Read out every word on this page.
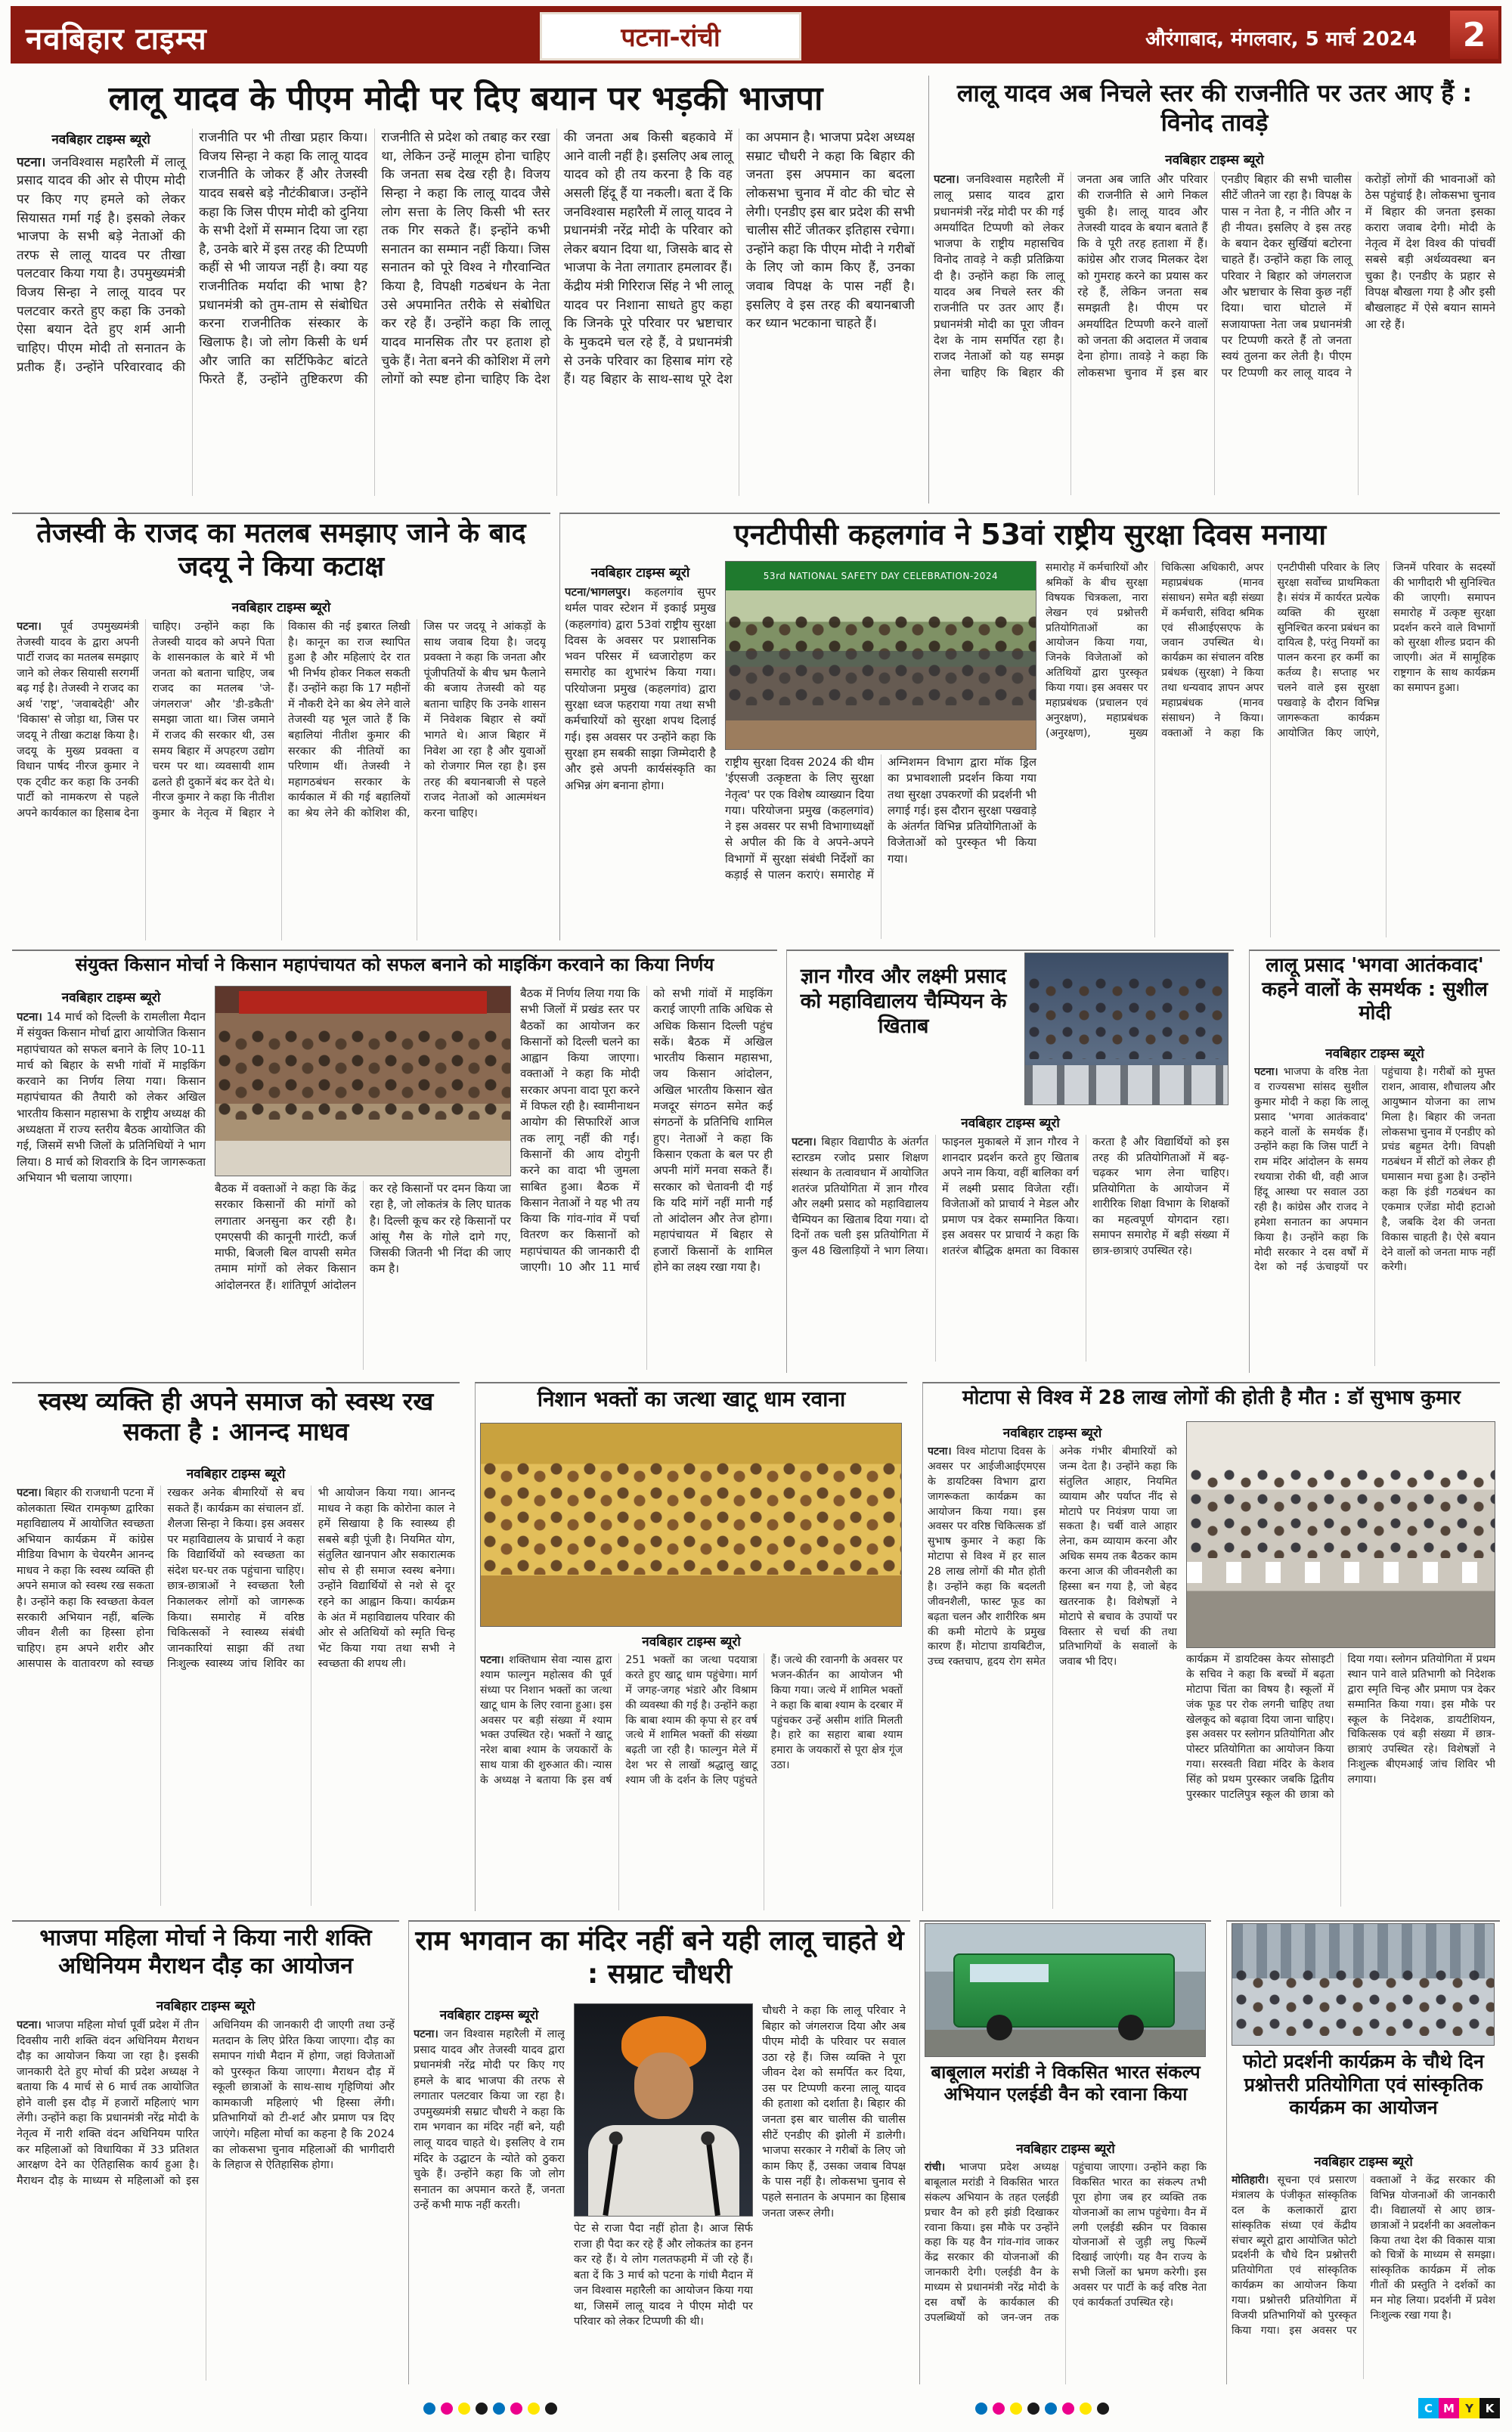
नवबिहार टाइम्स	पटना-रांची	औरंगाबाद, मंगलवार, 5 मार्च 2024	2
लालू यादव के पीएम मोदी पर दिए बयान पर भड़की भाजपा
नवबिहार टाइम्स ब्यूरो

पटना। जनविश्वास महारैली में लालू प्रसाद यादव की ओर से पीएम मोदी पर किए गए हमले को लेकर सियासत गर्मा गई है। इसको लेकर भाजपा के सभी बड़े नेताओं की तरफ से लालू यादव पर तीखा पलटवार किया गया है। उपमुख्यमंत्री विजय सिन्हा ने लालू यादव पर पलटवार करते हुए कहा कि उनको ऐसा बयान देते हुए शर्म आनी चाहिए। पीएम मोदी तो सनातन के प्रतीक हैं। उन्होंने परिवारवाद की राजनीति पर भी तीखा प्रहार किया। विजय सिन्हा ने कहा कि लालू यादव राजनीति के जोकर हैं और तेजस्वी यादव सबसे बड़े नौटंकीबाज। उन्होंने कहा कि जिस पीएम मोदी को दुनिया के सभी देशों में सम्मान दिया जा रहा है, उनके बारे में इस तरह की टिप्पणी कहीं से भी जायज नहीं है। क्या यह राजनीतिक मर्यादा की भाषा है? प्रधानमंत्री को तुम-ताम से संबोधित करना राजनीतिक संस्कार के खिलाफ है। जो लोग किसी के धर्म और जाति का सर्टिफिकेट बांटते फिरते हैं, उन्होंने तुष्टिकरण की राजनीति से प्रदेश को तबाह कर रखा था, लेकिन उन्हें मालूम होना चाहिए कि जनता सब देख रही है। विजय सिन्हा ने कहा कि लालू यादव जैसे लोग सत्ता के लिए किसी भी स्तर तक गिर सकते हैं। इन्होंने कभी सनातन का सम्मान नहीं किया। जिस सनातन को पूरे विश्व ने गौरवान्वित किया है, विपक्षी गठबंधन के नेता उसे अपमानित तरीके से संबोधित कर रहे हैं। उन्होंने कहा कि लालू यादव मानसिक तौर पर हताश हो चुके हैं। नेता बनने की कोशिश में लगे लोगों को स्पष्ट होना चाहिए कि देश की जनता अब किसी बहकावे में आने वाली नहीं है। इसलिए अब लालू यादव को ही तय करना है कि वह असली हिंदू हैं या नकली। बता दें कि जनविश्वास महारैली में लालू यादव ने प्रधानमंत्री नरेंद्र मोदी के परिवार को लेकर बयान दिया था, जिसके बाद से भाजपा के नेता लगातार हमलावर हैं। केंद्रीय मंत्री गिरिराज सिंह ने भी लालू यादव पर निशाना साधते हुए कहा कि जिनके पूरे परिवार पर भ्रष्टाचार के मुकदमे चल रहे हैं, वे प्रधानमंत्री से उनके परिवार का हिसाब मांग रहे हैं। यह बिहार के साथ-साथ पूरे देश का अपमान है। भाजपा प्रदेश अध्यक्ष सम्राट चौधरी ने कहा कि बिहार की जनता इस अपमान का बदला लोकसभा चुनाव में वोट की चोट से लेगी। एनडीए इस बार प्रदेश की सभी चालीस सीटें जीतकर इतिहास रचेगा। उन्होंने कहा कि पीएम मोदी ने गरीबों के लिए जो काम किए हैं, उनका जवाब विपक्ष के पास नहीं है। इसलिए वे इस तरह की बयानबाजी कर ध्यान भटकाना चाहते हैं।

लालू यादव अब निचले स्तर की राजनीति पर उतर आए हैं : विनोद तावड़े
नवबिहार टाइम्स ब्यूरो

पटना। जनविश्वास महारैली में लालू प्रसाद यादव द्वारा प्रधानमंत्री नरेंद्र मोदी पर की गई अमर्यादित टिप्पणी को लेकर भाजपा के राष्ट्रीय महासचिव विनोद तावड़े ने कड़ी प्रतिक्रिया दी है। उन्होंने कहा कि लालू यादव अब निचले स्तर की राजनीति पर उतर आए हैं। प्रधानमंत्री मोदी का पूरा जीवन देश के नाम समर्पित रहा है। राजद नेताओं को यह समझ लेना चाहिए कि बिहार की जनता अब जाति और परिवार की राजनीति से आगे निकल चुकी है। लालू यादव और तेजस्वी यादव के बयान बताते हैं कि वे पूरी तरह हताशा में हैं। कांग्रेस और राजद मिलकर देश को गुमराह करने का प्रयास कर रहे हैं, लेकिन जनता सब समझती है। पीएम पर अमर्यादित टिप्पणी करने वालों को जनता की अदालत में जवाब देना होगा। तावड़े ने कहा कि लोकसभा चुनाव में इस बार एनडीए बिहार की सभी चालीस सीटें जीतने जा रहा है। विपक्ष के पास न नेता है, न नीति और न ही नीयत। इसलिए वे इस तरह के बयान देकर सुर्खियां बटोरना चाहते हैं। उन्होंने कहा कि लालू परिवार ने बिहार को जंगलराज और भ्रष्टाचार के सिवा कुछ नहीं दिया। चारा घोटाले में सजायाफ्ता नेता जब प्रधानमंत्री पर टिप्पणी करते हैं तो जनता स्वयं तुलना कर लेती है। पीएम पर टिप्पणी कर लालू यादव ने करोड़ों लोगों की भावनाओं को ठेस पहुंचाई है। लोकसभा चुनाव में बिहार की जनता इसका करारा जवाब देगी। मोदी के नेतृत्व में देश विश्व की पांचवीं सबसे बड़ी अर्थव्यवस्था बन चुका है। एनडीए के प्रहार से विपक्ष बौखला गया है और इसी बौखलाहट में ऐसे बयान सामने आ रहे हैं।

तेजस्वी के राजद का मतलब समझाए जाने के बाद जदयू ने किया कटाक्ष
नवबिहार टाइम्स ब्यूरो

पटना। पूर्व उपमुख्यमंत्री तेजस्वी यादव के द्वारा अपनी पार्टी राजद का मतलब समझाए जाने को लेकर सियासी सरगर्मी बढ़ गई है। तेजस्वी ने राजद का अर्थ 'राष्ट्र', 'जवाबदेही' और 'विकास' से जोड़ा था, जिस पर जदयू ने तीखा कटाक्ष किया है। जदयू के मुख्य प्रवक्ता व विधान पार्षद नीरज कुमार ने एक ट्वीट कर कहा कि उनकी पार्टी को नामकरण से पहले अपने कार्यकाल का हिसाब देना चाहिए। उन्होंने कहा कि तेजस्वी यादव को अपने पिता के शासनकाल के बारे में भी जनता को बताना चाहिए, जब राजद का मतलब 'जे-जंगलराज' और 'डी-डकैती' समझा जाता था। जिस जमाने में राजद की सरकार थी, उस समय बिहार में अपहरण उद्योग चरम पर था। व्यवसायी शाम ढलते ही दुकानें बंद कर देते थे। नीरज कुमार ने कहा कि नीतीश कुमार के नेतृत्व में बिहार ने विकास की नई इबारत लिखी है। कानून का राज स्थापित हुआ है और महिलाएं देर रात भी निर्भय होकर निकल सकती हैं। उन्होंने कहा कि 17 महीनों में नौकरी देने का श्रेय लेने वाले तेजस्वी यह भूल जाते हैं कि बहालियां नीतीश कुमार की सरकार की नीतियों का परिणाम थीं। तेजस्वी ने महागठबंधन सरकार के कार्यकाल में की गई बहालियों का श्रेय लेने की कोशिश की, जिस पर जदयू ने आंकड़ों के साथ जवाब दिया है। जदयू प्रवक्ता ने कहा कि जनता और पूंजीपतियों के बीच भ्रम फैलाने की बजाय तेजस्वी को यह बताना चाहिए कि उनके शासन में निवेशक बिहार से क्यों भागते थे। आज बिहार में निवेश आ रहा है और युवाओं को रोजगार मिल रहा है। इस तरह की बयानबाजी से पहले राजद नेताओं को आत्ममंथन करना चाहिए।

एनटीपीसी कहलगांव ने 53वां राष्ट्रीय सुरक्षा दिवस मनाया
नवबिहार टाइम्स ब्यूरो

पटना/भागलपुर। कहलगांव सुपर थर्मल पावर स्टेशन में इकाई प्रमुख (कहलगांव) द्वारा 53वां राष्ट्रीय सुरक्षा दिवस के अवसर पर प्रशासनिक भवन परिसर में ध्वजारोहण कर समारोह का शुभारंभ किया गया। परियोजना प्रमुख (कहलगांव) द्वारा सुरक्षा ध्वज फहराया गया तथा सभी कर्मचारियों को सुरक्षा शपथ दिलाई गई। इस अवसर पर उन्होंने कहा कि सुरक्षा हम सबकी साझा जिम्मेदारी है और इसे अपनी कार्यसंस्कृति का अभिन्न अंग बनाना होगा।

53rd NATIONAL SAFETY DAY CELEBRATION-2024

राष्ट्रीय सुरक्षा दिवस 2024 की थीम 'ईएसजी उत्कृष्टता के लिए सुरक्षा नेतृत्व' पर एक विशेष व्याख्यान दिया गया। परियोजना प्रमुख (कहलगांव) ने इस अवसर पर सभी विभागाध्यक्षों से अपील की कि वे अपने-अपने विभागों में सुरक्षा संबंधी निर्देशों का कड़ाई से पालन कराएं। समारोह में अग्निशमन विभाग द्वारा मॉक ड्रिल का प्रभावशाली प्रदर्शन किया गया तथा सुरक्षा उपकरणों की प्रदर्शनी भी लगाई गई। इस दौरान सुरक्षा पखवाड़े के अंतर्गत विभिन्न प्रतियोगिताओं के विजेताओं को पुरस्कृत भी किया गया।

समारोह में कर्मचारियों और श्रमिकों के बीच सुरक्षा विषयक चित्रकला, नारा लेखन एवं प्रश्नोत्तरी प्रतियोगिताओं का आयोजन किया गया, जिनके विजेताओं को अतिथियों द्वारा पुरस्कृत किया गया। इस अवसर पर महाप्रबंधक (प्रचालन एवं अनुरक्षण), महाप्रबंधक (अनुरक्षण), मुख्य चिकित्सा अधिकारी, अपर महाप्रबंधक (मानव संसाधन) समेत बड़ी संख्या में कर्मचारी, संविदा श्रमिक एवं सीआईएसएफ के जवान उपस्थित थे। कार्यक्रम का संचालन वरिष्ठ प्रबंधक (सुरक्षा) ने किया तथा धन्यवाद ज्ञापन अपर महाप्रबंधक (मानव संसाधन) ने किया। वक्ताओं ने कहा कि एनटीपीसी परिवार के लिए सुरक्षा सर्वोच्च प्राथमिकता है। संयंत्र में कार्यरत प्रत्येक व्यक्ति की सुरक्षा सुनिश्चित करना प्रबंधन का दायित्व है, परंतु नियमों का पालन करना हर कर्मी का कर्तव्य है। सप्ताह भर चलने वाले इस सुरक्षा पखवाड़े के दौरान विभिन्न जागरूकता कार्यक्रम आयोजित किए जाएंगे, जिनमें परिवार के सदस्यों की भागीदारी भी सुनिश्चित की जाएगी। समापन समारोह में उत्कृष्ट सुरक्षा प्रदर्शन करने वाले विभागों को सुरक्षा शील्ड प्रदान की जाएगी। अंत में सामूहिक राष्ट्रगान के साथ कार्यक्रम का समापन हुआ।

संयुक्त किसान मोर्चा ने किसान महापंचायत को सफल बनाने को माइकिंग करवाने का किया निर्णय
नवबिहार टाइम्स ब्यूरो

पटना। 14 मार्च को दिल्ली के रामलीला मैदान में संयुक्त किसान मोर्चा द्वारा आयोजित किसान महापंचायत को सफल बनाने के लिए 10-11 मार्च को बिहार के सभी गांवों में माइकिंग करवाने का निर्णय लिया गया। किसान महापंचायत की तैयारी को लेकर अखिल भारतीय किसान महासभा के राष्ट्रीय अध्यक्ष की अध्यक्षता में राज्य स्तरीय बैठक आयोजित की गई, जिसमें सभी जिलों के प्रतिनिधियों ने भाग लिया। 8 मार्च को शिवरात्रि के दिन जागरूकता अभियान भी चलाया जाएगा।

बैठक में वक्ताओं ने कहा कि केंद्र सरकार किसानों की मांगों को लगातार अनसुना कर रही है। एमएसपी की कानूनी गारंटी, कर्ज माफी, बिजली बिल वापसी समेत तमाम मांगों को लेकर किसान आंदोलनरत हैं। शांतिपूर्ण आंदोलन कर रहे किसानों पर दमन किया जा रहा है, जो लोकतंत्र के लिए घातक है। दिल्ली कूच कर रहे किसानों पर आंसू गैस के गोले दागे गए, जिसकी जितनी भी निंदा की जाए कम है।

बैठक में निर्णय लिया गया कि सभी जिलों में प्रखंड स्तर पर बैठकों का आयोजन कर किसानों को दिल्ली चलने का आह्वान किया जाएगा। वक्ताओं ने कहा कि मोदी सरकार अपना वादा पूरा करने में विफल रही है। स्वामीनाथन आयोग की सिफारिशें आज तक लागू नहीं की गईं। किसानों की आय दोगुनी करने का वादा भी जुमला साबित हुआ। बैठक में किसान नेताओं ने यह भी तय किया कि गांव-गांव में पर्चा वितरण कर किसानों को महापंचायत की जानकारी दी जाएगी। 10 और 11 मार्च को सभी गांवों में माइकिंग कराई जाएगी ताकि अधिक से अधिक किसान दिल्ली पहुंच सकें। बैठक में अखिल भारतीय किसान महासभा, जय किसान आंदोलन, अखिल भारतीय किसान खेत मजदूर संगठन समेत कई संगठनों के प्रतिनिधि शामिल हुए। नेताओं ने कहा कि किसान एकता के बल पर ही अपनी मांगें मनवा सकते हैं। सरकार को चेतावनी दी गई कि यदि मांगें नहीं मानी गईं तो आंदोलन और तेज होगा। महापंचायत में बिहार से हजारों किसानों के शामिल होने का लक्ष्य रखा गया है।

ज्ञान गौरव और लक्ष्मी प्रसाद को महाविद्यालय चैम्पियन के खिताब
नवबिहार टाइम्स ब्यूरो

पटना। बिहार विद्यापीठ के अंतर्गत स्टारडम रजोद प्रसार शिक्षण संस्थान के तत्वावधान में आयोजित शतरंज प्रतियोगिता में ज्ञान गौरव और लक्ष्मी प्रसाद को महाविद्यालय चैम्पियन का खिताब दिया गया। दो दिनों तक चली इस प्रतियोगिता में कुल 48 खिलाड़ियों ने भाग लिया। फाइनल मुकाबले में ज्ञान गौरव ने शानदार प्रदर्शन करते हुए खिताब अपने नाम किया, वहीं बालिका वर्ग में लक्ष्मी प्रसाद विजेता रहीं। विजेताओं को प्राचार्य ने मेडल और प्रमाण पत्र देकर सम्मानित किया। इस अवसर पर प्राचार्य ने कहा कि शतरंज बौद्धिक क्षमता का विकास करता है और विद्यार्थियों को इस तरह की प्रतियोगिताओं में बढ़-चढ़कर भाग लेना चाहिए। प्रतियोगिता के आयोजन में शारीरिक शिक्षा विभाग के शिक्षकों का महत्वपूर्ण योगदान रहा। समापन समारोह में बड़ी संख्या में छात्र-छात्राएं उपस्थित रहे।

लालू प्रसाद 'भगवा आतंकवाद' कहने वालों के समर्थक : सुशील मोदी
नवबिहार टाइम्स ब्यूरो

पटना। भाजपा के वरिष्ठ नेता व राज्यसभा सांसद सुशील कुमार मोदी ने कहा कि लालू प्रसाद 'भगवा आतंकवाद' कहने वालों के समर्थक हैं। उन्होंने कहा कि जिस पार्टी ने राम मंदिर आंदोलन के समय रथयात्रा रोकी थी, वही आज हिंदू आस्था पर सवाल उठा रही है। कांग्रेस और राजद ने हमेशा सनातन का अपमान किया है। उन्होंने कहा कि मोदी सरकार ने दस वर्षों में देश को नई ऊंचाइयों पर पहुंचाया है। गरीबों को मुफ्त राशन, आवास, शौचालय और आयुष्मान योजना का लाभ मिला है। बिहार की जनता लोकसभा चुनाव में एनडीए को प्रचंड बहुमत देगी। विपक्षी गठबंधन में सीटों को लेकर ही घमासान मचा हुआ है। उन्होंने कहा कि इंडी गठबंधन का एकमात्र एजेंडा मोदी हटाओ है, जबकि देश की जनता विकास चाहती है। ऐसे बयान देने वालों को जनता माफ नहीं करेगी।

स्वस्थ व्यक्ति ही अपने समाज को स्वस्थ रख सकता है : आनन्द माधव
नवबिहार टाइम्स ब्यूरो

पटना। बिहार की राजधानी पटना में कोलकाता स्थित रामकृष्ण द्वारिका महाविद्यालय में आयोजित स्वच्छता अभियान कार्यक्रम में कांग्रेस मीडिया विभाग के चेयरमैन आनन्द माधव ने कहा कि स्वस्थ व्यक्ति ही अपने समाज को स्वस्थ रख सकता है। उन्होंने कहा कि स्वच्छता केवल सरकारी अभियान नहीं, बल्कि जीवन शैली का हिस्सा होना चाहिए। हम अपने शरीर और आसपास के वातावरण को स्वच्छ रखकर अनेक बीमारियों से बच सकते हैं। कार्यक्रम का संचालन डॉ. शैलजा सिन्हा ने किया। इस अवसर पर महाविद्यालय के प्राचार्य ने कहा कि विद्यार्थियों को स्वच्छता का संदेश घर-घर तक पहुंचाना चाहिए। छात्र-छात्राओं ने स्वच्छता रैली निकालकर लोगों को जागरूक किया। समारोह में वरिष्ठ चिकित्सकों ने स्वास्थ्य संबंधी जानकारियां साझा कीं तथा निःशुल्क स्वास्थ्य जांच शिविर का भी आयोजन किया गया। आनन्द माधव ने कहा कि कोरोना काल ने हमें सिखाया है कि स्वास्थ्य ही सबसे बड़ी पूंजी है। नियमित योग, संतुलित खानपान और सकारात्मक सोच से ही समाज स्वस्थ बनेगा। उन्होंने विद्यार्थियों से नशे से दूर रहने का आह्वान किया। कार्यक्रम के अंत में महाविद्यालय परिवार की ओर से अतिथियों को स्मृति चिन्ह भेंट किया गया तथा सभी ने स्वच्छता की शपथ ली।

निशान भक्तों का जत्था खाटू धाम रवाना
नवबिहार टाइम्स ब्यूरो

पटना। शक्तिधाम सेवा न्यास द्वारा श्याम फाल्गुन महोत्सव की पूर्व संध्या पर निशान भक्तों का जत्था खाटू धाम के लिए रवाना हुआ। इस अवसर पर बड़ी संख्या में श्याम भक्त उपस्थित रहे। भक्तों ने खाटू नरेश बाबा श्याम के जयकारों के साथ यात्रा की शुरुआत की। न्यास के अध्यक्ष ने बताया कि इस वर्ष 251 भक्तों का जत्था पदयात्रा करते हुए खाटू धाम पहुंचेगा। मार्ग में जगह-जगह भंडारे और विश्राम की व्यवस्था की गई है। उन्होंने कहा कि बाबा श्याम की कृपा से हर वर्ष जत्थे में शामिल भक्तों की संख्या बढ़ती जा रही है। फाल्गुन मेले में देश भर से लाखों श्रद्धालु खाटू श्याम जी के दर्शन के लिए पहुंचते हैं। जत्थे की रवानगी के अवसर पर भजन-कीर्तन का आयोजन भी किया गया। जत्थे में शामिल भक्तों ने कहा कि बाबा श्याम के दरबार में पहुंचकर उन्हें असीम शांति मिलती है। हारे का सहारा बाबा श्याम हमारा के जयकारों से पूरा क्षेत्र गूंज उठा।

मोटापा से विश्व में 28 लाख लोगों की होती है मौत : डॉ सुभाष कुमार
नवबिहार टाइम्स ब्यूरो

पटना। विश्व मोटापा दिवस के अवसर पर आईजीआईएमएस के डायटिक्स विभाग द्वारा जागरूकता कार्यक्रम का आयोजन किया गया। इस अवसर पर वरिष्ठ चिकित्सक डॉ सुभाष कुमार ने कहा कि मोटापा से विश्व में हर साल 28 लाख लोगों की मौत होती है। उन्होंने कहा कि बदलती जीवनशैली, फास्ट फूड का बढ़ता चलन और शारीरिक श्रम की कमी मोटापे के प्रमुख कारण हैं। मोटापा डायबिटीज, उच्च रक्तचाप, हृदय रोग समेत अनेक गंभीर बीमारियों को जन्म देता है। उन्होंने कहा कि संतुलित आहार, नियमित व्यायाम और पर्याप्त नींद से मोटापे पर नियंत्रण पाया जा सकता है। चर्बी वाले आहार लेना, कम व्यायाम करना और अधिक समय तक बैठकर काम करना आज की जीवनशैली का हिस्सा बन गया है, जो बेहद खतरनाक है। विशेषज्ञों ने मोटापे से बचाव के उपायों पर विस्तार से चर्चा की तथा प्रतिभागियों के सवालों के जवाब भी दिए।	कार्यक्रम में डायटिक्स केयर सोसाइटी के सचिव ने कहा कि बच्चों में बढ़ता मोटापा चिंता का विषय है। स्कूलों में जंक फूड पर रोक लगनी चाहिए तथा खेलकूद को बढ़ावा दिया जाना चाहिए। इस अवसर पर स्लोगन प्रतियोगिता और पोस्टर प्रतियोगिता का आयोजन किया गया। सरस्वती विद्या मंदिर के केशव सिंह को प्रथम पुरस्कार जबकि द्वितीय पुरस्कार पाटलिपुत्र स्कूल की छात्रा को दिया गया। स्लोगन प्रतियोगिता में प्रथम स्थान पाने वाले प्रतिभागी को निदेशक द्वारा स्मृति चिन्ह और प्रमाण पत्र देकर सम्मानित किया गया। इस मौके पर स्कूल के निदेशक, डायटीशियन, चिकित्सक एवं बड़ी संख्या में छात्र-छात्राएं उपस्थित रहे। विशेषज्ञों ने निःशुल्क बीएमआई जांच शिविर भी लगाया।

भाजपा महिला मोर्चा ने किया नारी शक्ति अधिनियम मैराथन दौड़ का आयोजन
नवबिहार टाइम्स ब्यूरो

पटना। भाजपा महिला मोर्चा पूर्वी प्रदेश में तीन दिवसीय नारी शक्ति वंदन अधिनियम मैराथन दौड़ का आयोजन किया जा रहा है। इसकी जानकारी देते हुए मोर्चा की प्रदेश अध्यक्ष ने बताया कि 4 मार्च से 6 मार्च तक आयोजित होने वाली इस दौड़ में हजारों महिलाएं भाग लेंगी। उन्होंने कहा कि प्रधानमंत्री नरेंद्र मोदी के नेतृत्व में नारी शक्ति वंदन अधिनियम पारित कर महिलाओं को विधायिका में 33 प्रतिशत आरक्षण देने का ऐतिहासिक कार्य हुआ है। मैराथन दौड़ के माध्यम से महिलाओं को इस अधिनियम की जानकारी दी जाएगी तथा उन्हें मतदान के लिए प्रेरित किया जाएगा। दौड़ का समापन गांधी मैदान में होगा, जहां विजेताओं को पुरस्कृत किया जाएगा। मैराथन दौड़ में स्कूली छात्राओं के साथ-साथ गृहिणियां और कामकाजी महिलाएं भी हिस्सा लेंगी। प्रतिभागियों को टी-शर्ट और प्रमाण पत्र दिए जाएंगे। महिला मोर्चा का कहना है कि 2024 का लोकसभा चुनाव महिलाओं की भागीदारी के लिहाज से ऐतिहासिक होगा।

राम भगवान का मंदिर नहीं बने यही लालू चाहते थे : सम्राट चौधरी
नवबिहार टाइम्स ब्यूरो

पटना। जन विश्वास महारैली में लालू प्रसाद यादव और तेजस्वी यादव द्वारा प्रधानमंत्री नरेंद्र मोदी पर किए गए हमले के बाद भाजपा की तरफ से लगातार पलटवार किया जा रहा है। उपमुख्यमंत्री सम्राट चौधरी ने कहा कि राम भगवान का मंदिर नहीं बने, यही लालू यादव चाहते थे। इसलिए वे राम मंदिर के उद्घाटन के न्योते को ठुकरा चुके हैं। उन्होंने कहा कि जो लोग सनातन का अपमान करते हैं, जनता उन्हें कभी माफ नहीं करती।

पेट से राजा पैदा नहीं होता है। आज सिर्फ राजा ही पैदा कर रहे हैं और लोकतंत्र का हनन कर रहे हैं। ये लोग गलतफहमी में जी रहे हैं। बता दें कि 3 मार्च को पटना के गांधी मैदान में जन विश्वास महारैली का आयोजन किया गया था, जिसमें लालू यादव ने पीएम मोदी पर परिवार को लेकर टिप्पणी की थी।

चौधरी ने कहा कि लालू परिवार ने बिहार को जंगलराज दिया और अब पीएम मोदी के परिवार पर सवाल उठा रहे हैं। जिस व्यक्ति ने पूरा जीवन देश को समर्पित कर दिया, उस पर टिप्पणी करना लालू यादव की हताशा को दर्शाता है। बिहार की जनता इस बार चालीस की चालीस सीटें एनडीए की झोली में डालेगी। भाजपा सरकार ने गरीबों के लिए जो काम किए हैं, उसका जवाब विपक्ष के पास नहीं है। लोकसभा चुनाव से पहले सनातन के अपमान का हिसाब जनता जरूर लेगी।

बाबूलाल मरांडी ने विकसित भारत संकल्प अभियान एलईडी वैन को रवाना किया
नवबिहार टाइम्स ब्यूरो

रांची। भाजपा प्रदेश अध्यक्ष बाबूलाल मरांडी ने विकसित भारत संकल्प अभियान के तहत एलईडी प्रचार वैन को हरी झंडी दिखाकर रवाना किया। इस मौके पर उन्होंने कहा कि यह वैन गांव-गांव जाकर केंद्र सरकार की योजनाओं की जानकारी देगी। एलईडी वैन के माध्यम से प्रधानमंत्री नरेंद्र मोदी के दस वर्षों के कार्यकाल की उपलब्धियों को जन-जन तक पहुंचाया जाएगा। उन्होंने कहा कि विकसित भारत का संकल्प तभी पूरा होगा जब हर व्यक्ति तक योजनाओं का लाभ पहुंचेगा। वैन में लगी एलईडी स्क्रीन पर विकास योजनाओं से जुड़ी लघु फिल्में दिखाई जाएंगी। यह वैन राज्य के सभी जिलों का भ्रमण करेगी। इस अवसर पर पार्टी के कई वरिष्ठ नेता एवं कार्यकर्ता उपस्थित रहे।

फोटो प्रदर्शनी कार्यक्रम के चौथे दिन प्रश्नोत्तरी प्रतियोगिता एवं सांस्कृतिक कार्यक्रम का आयोजन
नवबिहार टाइम्स ब्यूरो

मोतिहारी। सूचना एवं प्रसारण मंत्रालय के पंजीकृत सांस्कृतिक दल के कलाकारों द्वारा सांस्कृतिक संध्या एवं केंद्रीय संचार ब्यूरो द्वारा आयोजित फोटो प्रदर्शनी के चौथे दिन प्रश्नोत्तरी प्रतियोगिता एवं सांस्कृतिक कार्यक्रम का आयोजन किया गया। प्रश्नोत्तरी प्रतियोगिता में विजयी प्रतिभागियों को पुरस्कृत किया गया। इस अवसर पर वक्ताओं ने केंद्र सरकार की विभिन्न योजनाओं की जानकारी दी। विद्यालयों से आए छात्र-छात्राओं ने प्रदर्शनी का अवलोकन किया तथा देश की विकास यात्रा को चित्रों के माध्यम से समझा। सांस्कृतिक कार्यक्रम में लोक गीतों की प्रस्तुति ने दर्शकों का मन मोह लिया। प्रदर्शनी में प्रवेश निःशुल्क रखा गया है।

C M Y	K
